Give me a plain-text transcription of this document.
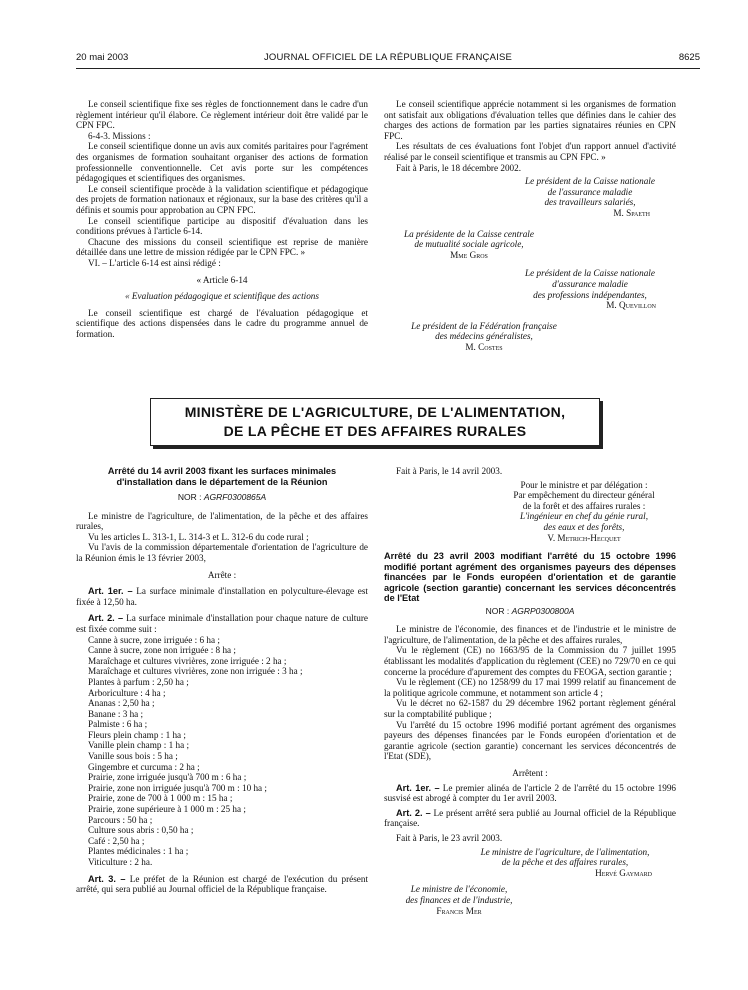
20 mai 2003	JOURNAL OFFICIEL DE LA RÉPUBLIQUE FRANÇAISE	8625

Le conseil scientifique fixe ses règles de fonctionnement dans le cadre d'un règlement intérieur qu'il élabore. Ce règlement intérieur doit être validé par le CPN FPC.

6-4-3. Missions :

Le conseil scientifique donne un avis aux comités paritaires pour l'agrément des organismes de formation souhaitant organiser des actions de formation professionnelle conventionnelle. Cet avis porte sur les compétences pédagogiques et scientifiques des organismes.

Le conseil scientifique procède à la validation scientifique et pédagogique des projets de formation nationaux et régionaux, sur la base des critères qu'il a définis et soumis pour approbation au CPN FPC.

Le conseil scientifique participe au dispositif d'évaluation dans les conditions prévues à l'article 6-14.

Chacune des missions du conseil scientifique est reprise de manière détaillée dans une lettre de mission rédigée par le CPN FPC. »

VI. – L'article 6-14 est ainsi rédigé :

« Article 6-14

« Evaluation pédagogique et scientifique des actions

Le conseil scientifique est chargé de l'évaluation pédagogique et scientifique des actions dispensées dans le cadre du programme annuel de formation.

Le conseil scientifique apprécie notamment si les organismes de formation ont satisfait aux obligations d'évaluation telles que définies dans le cahier des charges des actions de formation par les parties signataires réunies en CPN FPC.

Les résultats de ces évaluations font l'objet d'un rapport annuel d'activité réalisé par le conseil scientifique et transmis au CPN FPC. »

Fait à Paris, le 18 décembre 2002.

Le président de la Caisse nationale
de l'assurance maladie
des travailleurs salariés,
M. Spaeth
La présidente de la Caisse centrale
de mutualité sociale agricole,
Mme Gros
Le président de la Caisse nationale
d'assurance maladie
des professions indépendantes,
M. Quevillon
Le président de la Fédération française
des médecins généralistes,
M. Costes
MINISTÈRE DE L'AGRICULTURE, DE L'ALIMENTATION,
DE LA PÊCHE ET DES AFFAIRES RURALES
Arrêté du 14 avril 2003 fixant les surfaces minimales
d'installation dans le département de la Réunion
NOR : AGRF0300865A

Le ministre de l'agriculture, de l'alimentation, de la pêche et des affaires rurales,

Vu les articles L. 313-1, L. 314-3 et L. 312-6 du code rural ;

Vu l'avis de la commission départementale d'orientation de l'agriculture de la Réunion émis le 13 février 2003,

Arrête :

Art. 1er. – La surface minimale d'installation en polyculture-élevage est fixée à 12,50 ha.

Art. 2. – La surface minimale d'installation pour chaque nature de culture est fixée comme suit :

Canne à sucre, zone irriguée : 6 ha ;

Canne à sucre, zone non irriguée : 8 ha ;

Maraîchage et cultures vivrières, zone irriguée : 2 ha ;

Maraîchage et cultures vivrières, zone non irriguée : 3 ha ;

Plantes à parfum : 2,50 ha ;

Arboriculture : 4 ha ;

Ananas : 2,50 ha ;

Banane : 3 ha ;

Palmiste : 6 ha ;

Fleurs plein champ : 1 ha ;

Vanille plein champ : 1 ha ;

Vanille sous bois : 5 ha ;

Gingembre et curcuma : 2 ha ;

Prairie, zone irriguée jusqu'à 700 m : 6 ha ;

Prairie, zone non irriguée jusqu'à 700 m : 10 ha ;

Prairie, zone de 700 à 1 000 m : 15 ha ;

Prairie, zone supérieure à 1 000 m : 25 ha ;

Parcours : 50 ha ;

Culture sous abris : 0,50 ha ;

Café : 2,50 ha ;

Plantes médicinales : 1 ha ;

Viticulture : 2 ha.

Art. 3. – Le préfet de la Réunion est chargé de l'exécution du présent arrêté, qui sera publié au Journal officiel de la République française.

Fait à Paris, le 14 avril 2003.

Pour le ministre et par délégation :
Par empêchement du directeur général
de la forêt et des affaires rurales :
L'ingénieur en chef du génie rural,
des eaux et des forêts,
V. Metrich-Hecquet
Arrêté du 23 avril 2003 modifiant l'arrêté du 15 octobre 1996 modifié portant agrément des organismes payeurs des dépenses financées par le Fonds européen d'orientation et de garantie agricole (section garantie) concernant les services déconcentrés de l'Etat
NOR : AGRP0300800A

Le ministre de l'économie, des finances et de l'industrie et le ministre de l'agriculture, de l'alimentation, de la pêche et des affaires rurales,

Vu le règlement (CE) no 1663/95 de la Commission du 7 juillet 1995 établissant les modalités d'application du règlement (CEE) no 729/70 en ce qui concerne la procédure d'apurement des comptes du FEOGA, section garantie ;

Vu le règlement (CE) no 1258/99 du 17 mai 1999 relatif au financement de la politique agricole commune, et notamment son article 4 ;

Vu le décret no 62-1587 du 29 décembre 1962 portant règlement général sur la comptabilité publique ;

Vu l'arrêté du 15 octobre 1996 modifié portant agrément des organismes payeurs des dépenses financées par le Fonds européen d'orientation et de garantie agricole (section garantie) concernant les services déconcentrés de l'Etat (SDE),

Arrêtent :

Art. 1er. – Le premier alinéa de l'article 2 de l'arrêté du 15 octobre 1996 susvisé est abrogé à compter du 1er avril 2003.

Art. 2. – Le présent arrêté sera publié au Journal officiel de la République française.

Fait à Paris, le 23 avril 2003.

Le ministre de l'agriculture, de l'alimentation,
de la pêche et des affaires rurales,
Hervé Gaymard
Le ministre de l'économie,
des finances et de l'industrie,
Francis Mer
